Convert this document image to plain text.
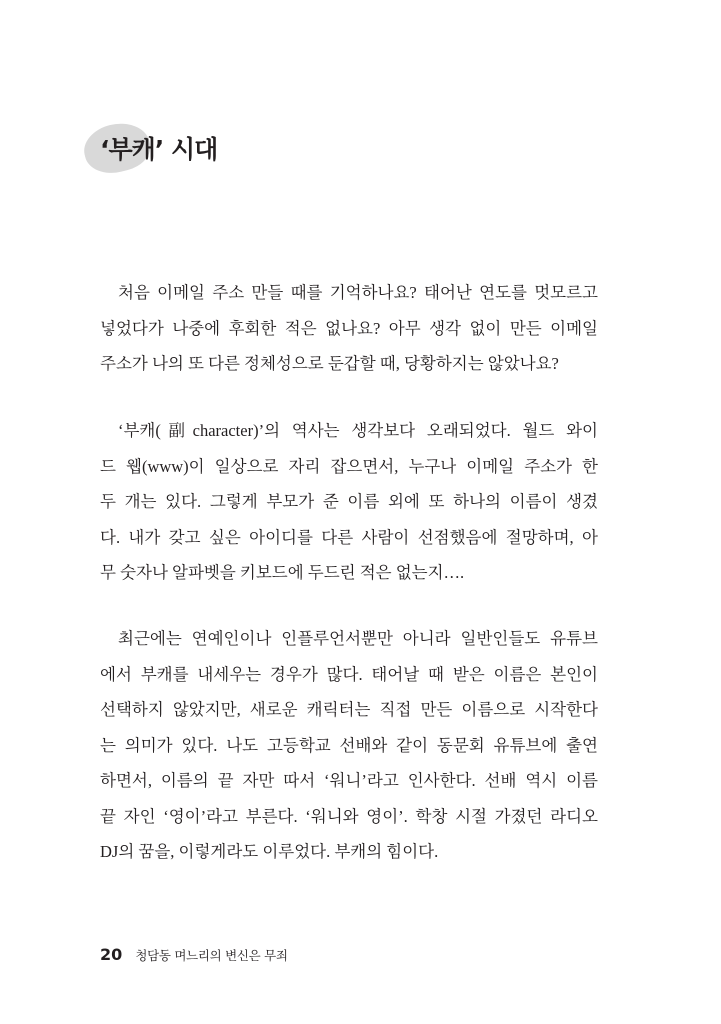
‘부캐’ 시대
처음 이메일 주소 만들 때를 기억하나요? 태어난 연도를 멋모르고
넣었다가 나중에 후회한 적은 없나요? 아무 생각 없이 만든 이메일
주소가 나의 또 다른 정체성으로 둔갑할 때, 당황하지는 않았나요?
‘부캐(副character)’의 역사는 생각보다 오래되었다. 월드 와이
드 웹(www)이 일상으로 자리 잡으면서, 누구나 이메일 주소가 한
두 개는 있다. 그렇게 부모가 준 이름 외에 또 하나의 이름이 생겼
다. 내가 갖고 싶은 아이디를 다른 사람이 선점했음에 절망하며, 아
무 숫자나 알파벳을 키보드에 두드린 적은 없는지….
최근에는 연예인이나 인플루언서뿐만 아니라 일반인들도 유튜브
에서 부캐를 내세우는 경우가 많다. 태어날 때 받은 이름은 본인이
선택하지 않았지만, 새로운 캐릭터는 직접 만든 이름으로 시작한다
는 의미가 있다. 나도 고등학교 선배와 같이 동문회 유튜브에 출연
하면서, 이름의 끝 자만 따서 ‘워니’라고 인사한다. 선배 역시 이름
끝 자인 ‘영이’라고 부른다. ‘워니와 영이’. 학창 시절 가졌던 라디오
DJ의 꿈을, 이렇게라도 이루었다. 부캐의 힘이다.
20 청담동 며느리의 변신은 무죄
